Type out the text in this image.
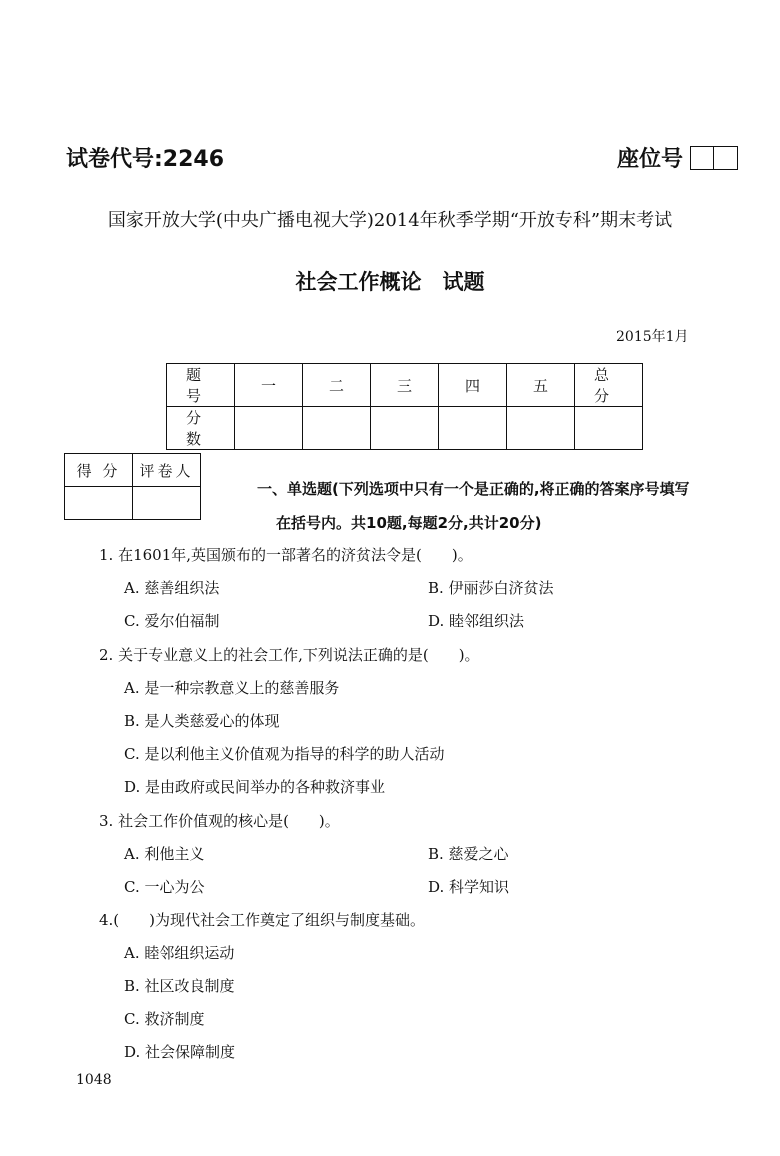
试卷代号:2246	座位号
国家开放大学(中央广播电视大学)2014年秋季学期“开放专科”期末考试
社会工作概论　试题
2015年1月
题 号	一	二	三	四	五	总 分
分 数						
得 分	评卷人

一、单选题(下列选项中只有一个是正确的,将正确的答案序号填写
在括号内。共10题,每题2分,共计20分)
1. 在1601年,英国颁布的一部著名的济贫法令是(　　)。
A. 慈善组织法	B. 伊丽莎白济贫法
C. 爱尔伯福制	D. 睦邻组织法
2. 关于专业意义上的社会工作,下列说法正确的是(　　)。
A. 是一种宗教意义上的慈善服务
B. 是人类慈爱心的体现
C. 是以利他主义价值观为指导的科学的助人活动
D. 是由政府或民间举办的各种救济事业
3. 社会工作价值观的核心是(　　)。
A. 利他主义	B. 慈爱之心
C. 一心为公	D. 科学知识
4.(　　)为现代社会工作奠定了组织与制度基础。
A. 睦邻组织运动
B. 社区改良制度
C. 救济制度
D. 社会保障制度
1048
